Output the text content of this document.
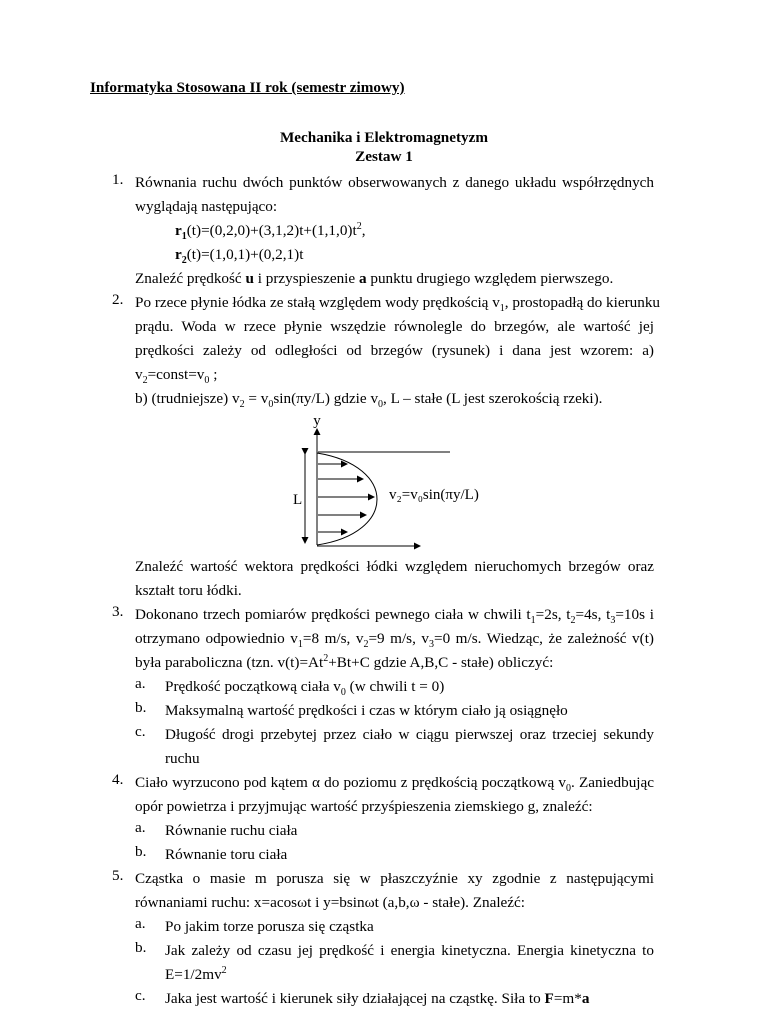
Informatyka Stosowana II rok (semestr zimowy)
Mechanika i Elektromagnetyzm
Zestaw 1
1. Równania ruchu dwóch punktów obserwowanych z danego układu współrzędnych
wyglądają następująco:
$r_1(t)=(0,2,0)+(3,1,2)t+(1,1,0)t^2$,
$r_2(t)=(1,0,1)+(0,2,1)t$
Znaleźć prędkość u i przyspieszenie a punktu drugiego względem pierwszego.
2. Po rzece płynie łódka ze stałą względem wody prędkością $v_1$, prostopadłą do kierunku
prądu. Woda w rzece płynie wszędzie równolegle do brzegów, ale wartość jej
prędkości zależy od odległości od brzegów (rysunek) i dana jest wzorem: a)
$v_2=const=v_0$ ;
b) (trudniejsze) $v_2 = v_0\sin(\pi y/L)$ gdzie $v_0$, L – stałe (L jest szerokością rzeki).
y
L	v₂=v₀sin(πy/L)
Znaleźć wartość wektora prędkości łódki względem nieruchomych brzegów oraz
kształt toru łódki.
3. Dokonano trzech pomiarów prędkości pewnego ciała w chwili $t_1=2s$, $t_2=4s$, $t_3=10s$ i
otrzymano odpowiednio $v_1=8$ m/s, $v_2=9$ m/s, $v_3=0$ m/s. Wiedząc, że zależność v(t)
była paraboliczna (tzn. $v(t)=At^2+Bt+C$ gdzie A,B,C - stałe) obliczyć:
a. Prędkość początkową ciała $v_0$ (w chwili t = 0)
b. Maksymalną wartość prędkości i czas w którym ciało ją osiągnęło
c. Długość drogi przebytej przez ciało w ciągu pierwszej oraz trzeciej sekundy
ruchu
4. Ciało wyrzucono pod kątem α do poziomu z prędkością początkową $v_0$. Zaniedbując
opór powietrza i przyjmując wartość przyśpieszenia ziemskiego g, znaleźć:
a. Równanie ruchu ciała
b. Równanie toru ciała
5. Cząstka o masie m porusza się w płaszczyźnie xy zgodnie z następującymi
równaniami ruchu: x=acosωt i y=bsinωt (a,b,ω - stałe). Znaleźć:
a. Po jakim torze porusza się cząstka
b. Jak zależy od czasu jej prędkość i energia kinetyczna. Energia kinetyczna to
$E=1/2mv^2$
c. Jaka jest wartość i kierunek siły działającej na cząstkę. Siła to F=m*a
